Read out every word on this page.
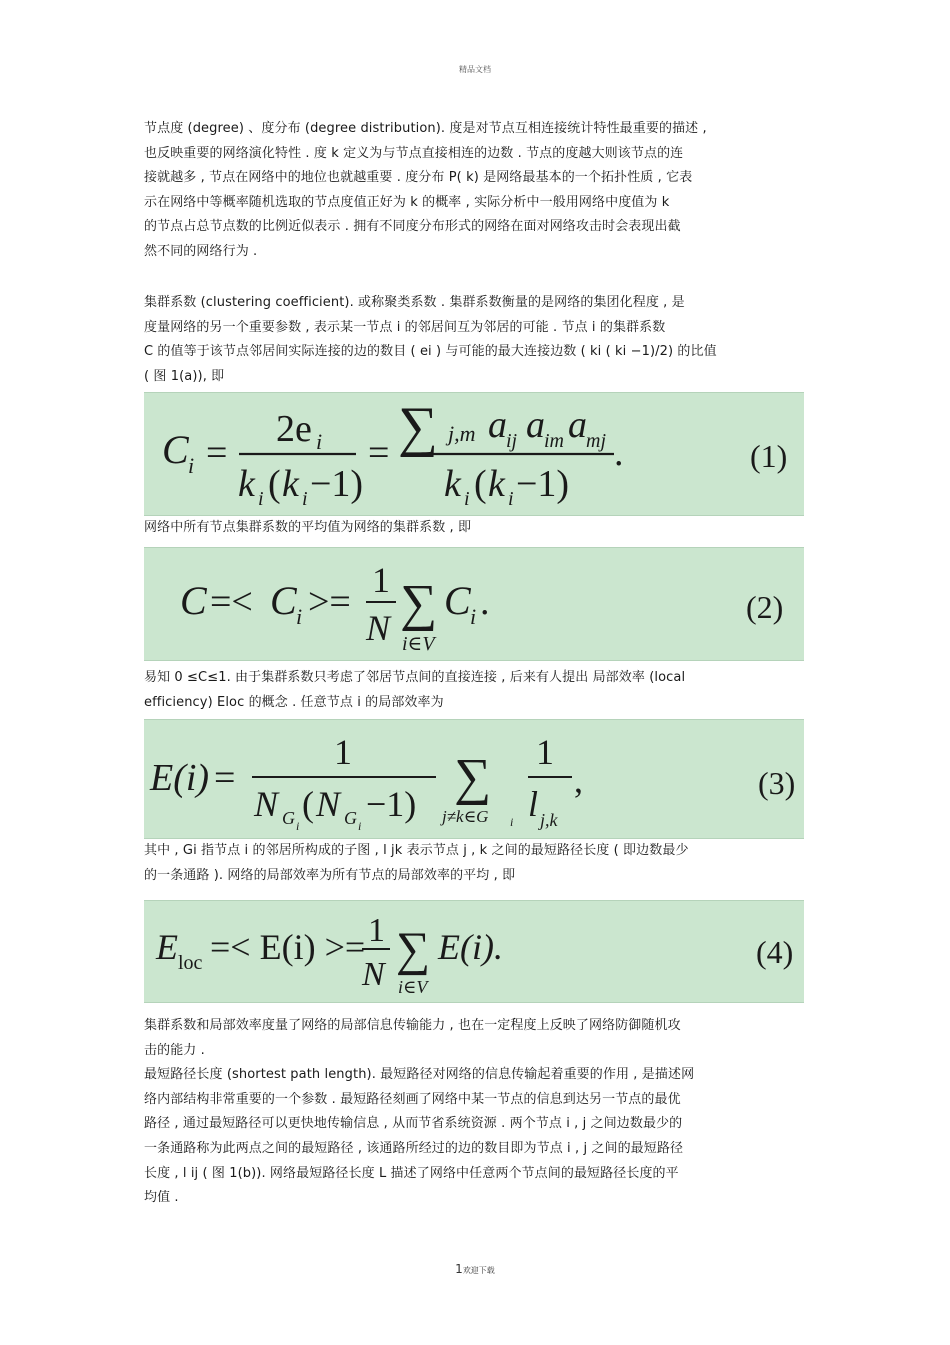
精品文档
节点度 (degree) 、度分布 (degree distribution). 度是对节点互相连接统计特性最重要的描述 ,
也反映重要的网络演化特性 . 度 k 定义为与节点直接相连的边数 . 节点的度越大则该节点的连
接就越多 , 节点在网络中的地位也就越重要 . 度分布 P( k) 是网络最基本的一个拓扑性质 , 它表
示在网络中等概率随机选取的节点度值正好为 k 的概率 , 实际分析中一般用网络中度值为 k
的节点占总节点数的比例近似表示 . 拥有不同度分布形式的网络在面对网络攻击时会表现出截
然不同的网络行为 .
集群系数 (clustering coefficient). 或称聚类系数 . 集群系数衡量的是网络的集团化程度 , 是
度量网络的另一个重要参数 , 表示某一节点 i 的邻居间互为邻居的可能 . 节点 i 的集群系数
C 的值等于该节点邻居间实际连接的边的数目 ( ei ) 与可能的最大连接边数 ( ki ( ki −1)/2) 的比值
( 图 1(a)), 即
C i =
2e i
k i ( k i −1)
= ∑ j,m a ij a im a mj
k i ( k i −1)
.	(1)
网络中所有节点集群系数的平均值为网络的集群系数 , 即
C =< C i >=
1
N ∑
i∈V
C i .	(2)
易知 0 ≤C≤1. 由于集群系数只考虑了邻居节点间的直接连接 , 后来有人提出 局部效率 (local
efficiency) Eloc 的概念 . 任意节点 i 的局部效率为
E(i) =
1
N G i
( N G i
−1) ∑
j≠k∈G i
1
l j,k
,	(3)
其中 , Gi 指节点 i 的邻居所构成的子图 , l jk 表示节点 j , k 之间的最短路径长度 ( 即边数最少
的一条通路 ). 网络的局部效率为所有节点的局部效率的平均 , 即
E loc =< E(i) >= 1
N ∑
i∈V
E(i).	(4)
集群系数和局部效率度量了网络的局部信息传输能力 , 也在一定程度上反映了网络防御随机攻
击的能力 .
最短路径长度 (shortest path length). 最短路径对网络的信息传输起着重要的作用 , 是描述网
络内部结构非常重要的一个参数 . 最短路径刻画了网络中某一节点的信息到达另一节点的最优
路径 , 通过最短路径可以更快地传输信息 , 从而节省系统资源 . 两个节点 i , j 之间边数最少的
一条通路称为此两点之间的最短路径 , 该通路所经过的边的数目即为节点 i , j 之间的最短路径
长度 , l ij ( 图 1(b)). 网络最短路径长度 L 描述了网络中任意两个节点间的最短路径长度的平
均值 .
1欢迎下载
